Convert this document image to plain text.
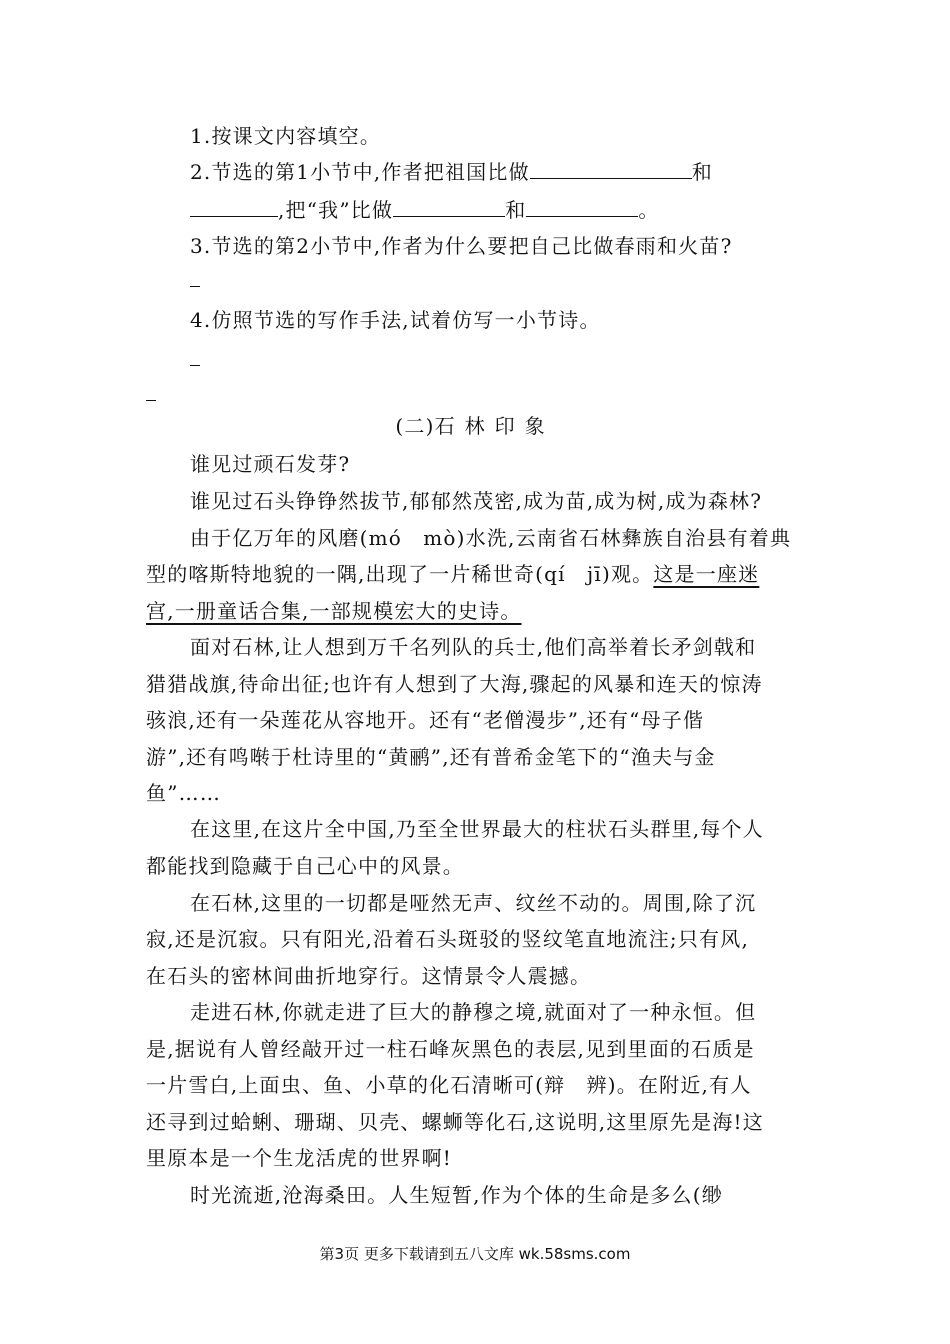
1.按课文内容填空。
2.节选的第1小节中,作者把祖国比做	和
,把“我”比做	和	。
3.节选的第2小节中,作者为什么要把自己比做春雨和火苗?
4.仿照节选的写作手法,试着仿写一小节诗。
(二)石林印象
谁见过顽石发芽?
谁见过石头铮铮然拔节,郁郁然茂密,成为苗,成为树,成为森林?
由于亿万年的风磨(mó　mò)水洗,云南省石林彝族自治县有着典
型的喀斯特地貌的一隅,出现了一片稀世奇(qí　jī)观。这是一座迷
宫,一册童话合集,一部规模宏大的史诗。
面对石林,让人想到万千名列队的兵士,他们高举着长矛剑戟和
猎猎战旗,待命出征;也许有人想到了大海,骤起的风暴和连天的惊涛
骇浪,还有一朵莲花从容地开。还有“老僧漫步”,还有“母子偕
游”,还有鸣啭于杜诗里的“黄鹂”,还有普希金笔下的“渔夫与金
鱼”……
在这里,在这片全中国,乃至全世界最大的柱状石头群里,每个人
都能找到隐藏于自己心中的风景。
在石林,这里的一切都是哑然无声、纹丝不动的。周围,除了沉
寂,还是沉寂。只有阳光,沿着石头斑驳的竖纹笔直地流注;只有风,
在石头的密林间曲折地穿行。这情景令人震撼。
走进石林,你就走进了巨大的静穆之境,就面对了一种永恒。但
是,据说有人曾经敲开过一柱石峰灰黑色的表层,见到里面的石质是
一片雪白,上面虫、鱼、小草的化石清晰可(辩　辨)。在附近,有人
还寻到过蛤蜊、珊瑚、贝壳、螺蛳等化石,这说明,这里原先是海!这
里原本是一个生龙活虎的世界啊!
时光流逝,沧海桑田。人生短暂,作为个体的生命是多么(缈
第3页 更多下载请到五八文库 wk.58sms.com
